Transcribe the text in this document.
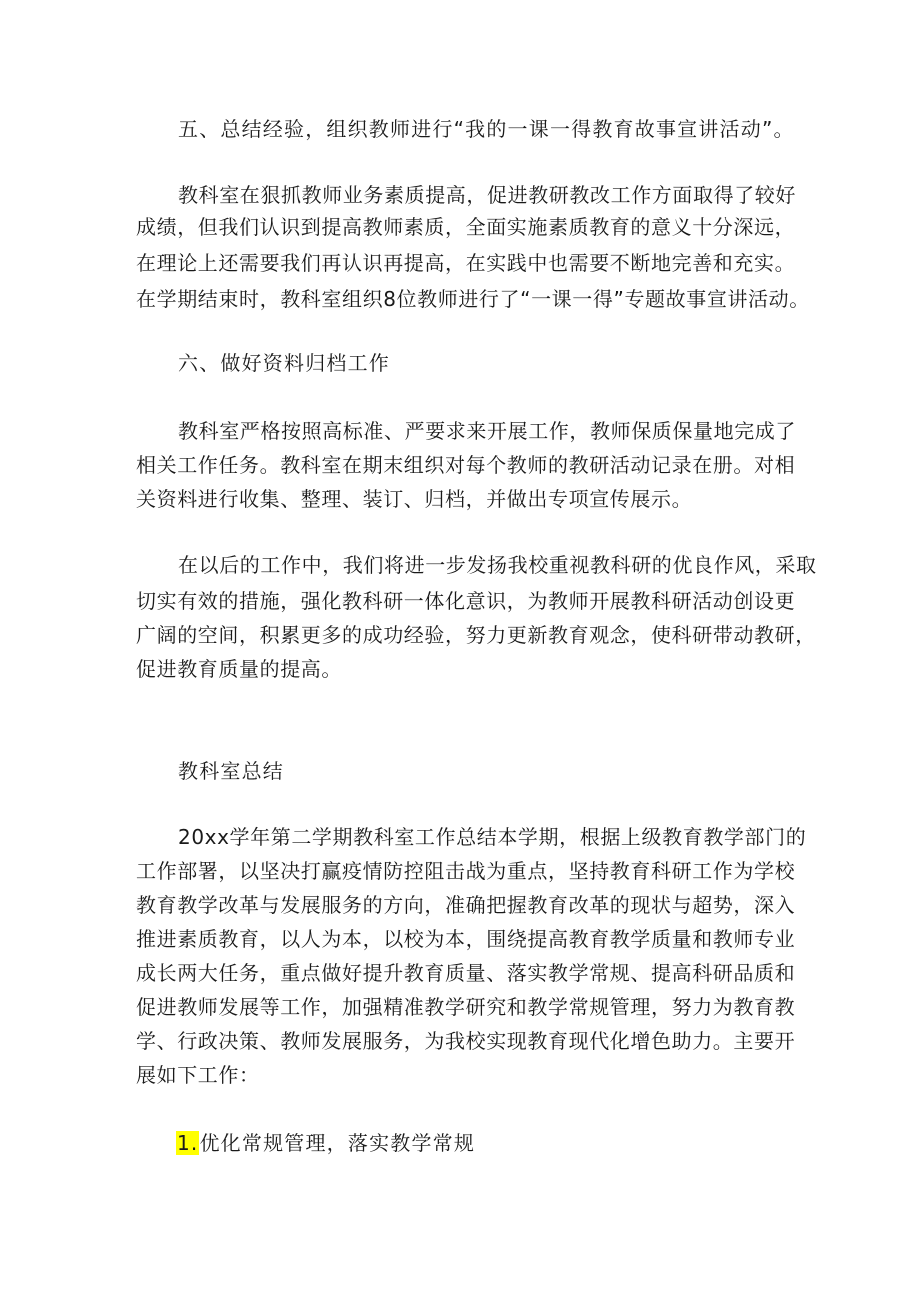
五、总结经验，组织教师进行“我的一课一得教育故事宣讲活动”。
教科室在狠抓教师业务素质提高，促进教研教改工作方面取得了较好
成绩，但我们认识到提高教师素质，全面实施素质教育的意义十分深远，
在理论上还需要我们再认识再提高，在实践中也需要不断地完善和充实。
在学期结束时，教科室组织8位教师进行了“一课一得”专题故事宣讲活动。
六、做好资料归档工作
教科室严格按照高标准、严要求来开展工作，教师保质保量地完成了
相关工作任务。教科室在期末组织对每个教师的教研活动记录在册。对相
关资料进行收集、整理、装订、归档，并做出专项宣传展示。
在以后的工作中，我们将进一步发扬我校重视教科研的优良作风，采取
切实有效的措施，强化教科研一体化意识，为教师开展教科研活动创设更
广阔的空间，积累更多的成功经验，努力更新教育观念，使科研带动教研，
促进教育质量的提高。
教科室总结
20xx学年第二学期教科室工作总结本学期，根据上级教育教学部门的
工作部署，以坚决打赢疫情防控阻击战为重点，坚持教育科研工作为学校
教育教学改革与发展服务的方向，准确把握教育改革的现状与超势，深入
推进素质教育，以人为本，以校为本，围绕提高教育教学质量和教师专业
成长两大任务，重点做好提升教育质量、落实教学常规、提高科研品质和
促进教师发展等工作，加强精准教学研究和教学常规管理，努力为教育教
学、行政决策、教师发展服务，为我校实现教育现代化增色助力。主要开
展如下工作：
1.优化常规管理，落实教学常规
